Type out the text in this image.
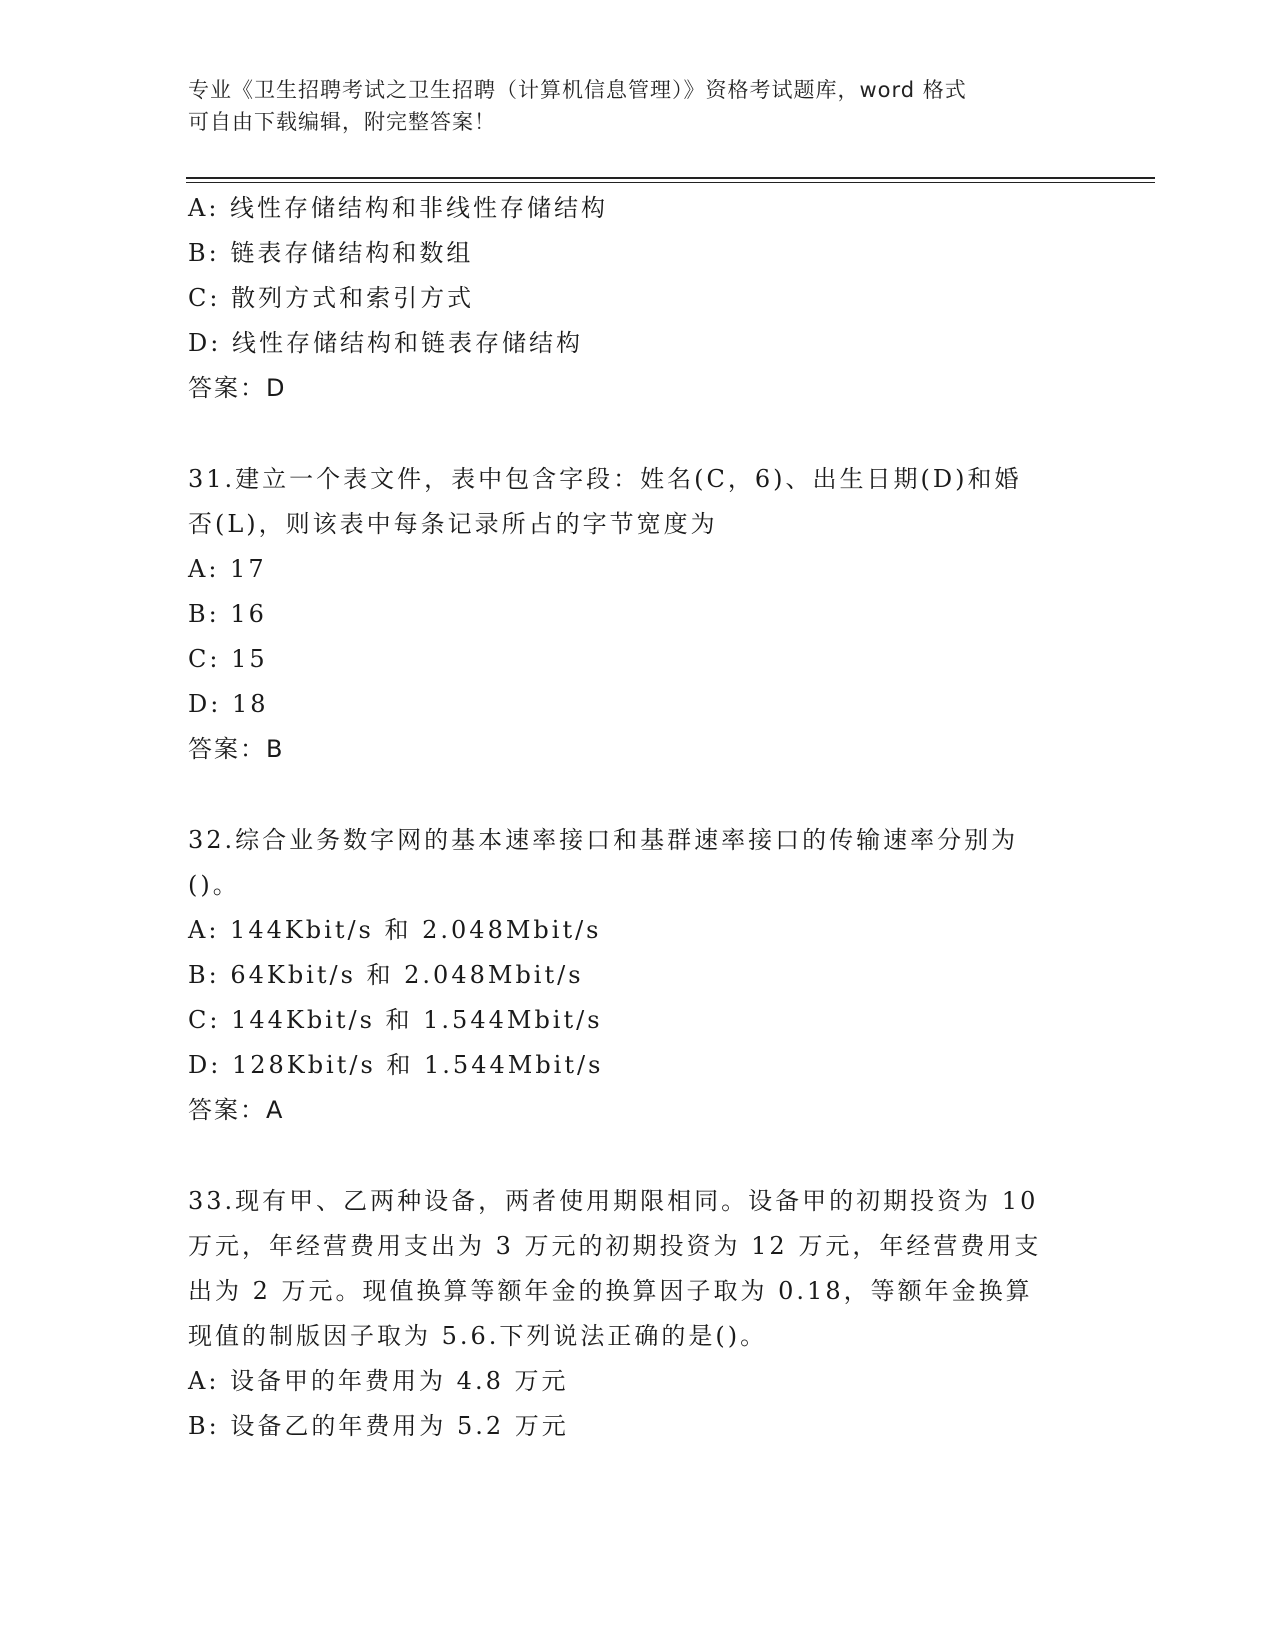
专业《卫生招聘考试之卫生招聘（计算机信息管理）》资格考试题库，word 格式
可自由下载编辑，附完整答案！
A: 线性存储结构和非线性存储结构
B: 链表存储结构和数组
C: 散列方式和索引方式
D: 线性存储结构和链表存储结构
答案：D
31.建立一个表文件，表中包含字段：姓名(C，6)、出生日期(D)和婚
否(L)，则该表中每条记录所占的字节宽度为
A: 17
B: 16
C: 15
D: 18
答案：B
32.综合业务数字网的基本速率接口和基群速率接口的传输速率分别为
()。
A: 144Kbit/s 和 2.048Mbit/s
B: 64Kbit/s 和 2.048Mbit/s
C: 144Kbit/s 和 1.544Mbit/s
D: 128Kbit/s 和 1.544Mbit/s
答案：A
33.现有甲、乙两种设备，两者使用期限相同。设备甲的初期投资为 10
万元，年经营费用支出为 3 万元的初期投资为 12 万元，年经营费用支
出为 2 万元。现值换算等额年金的换算因子取为 0.18，等额年金换算
现值的制版因子取为 5.6.下列说法正确的是()。
A: 设备甲的年费用为 4.8 万元
B: 设备乙的年费用为 5.2 万元
